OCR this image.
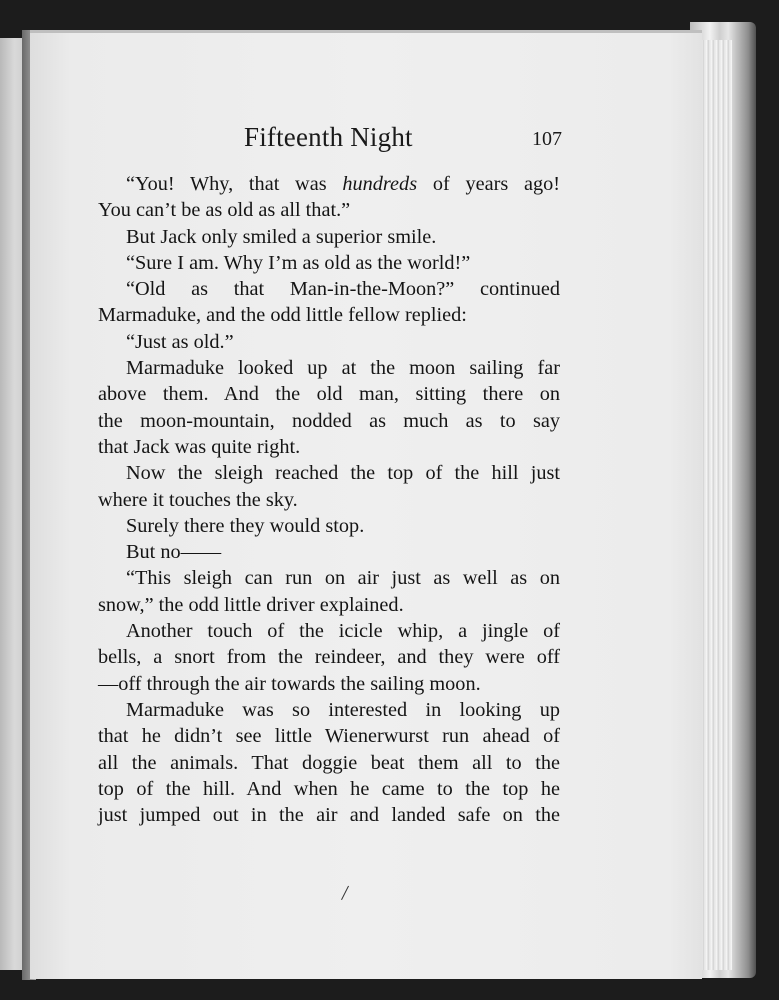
Fifteenth Night	107
“You! Why, that was hundreds of years ago!
You can’t be as old as all that.”
But Jack only smiled a superior smile.
“Sure I am. Why I’m as old as the world!”
“Old as that Man-in-the-Moon?” continued
Marmaduke, and the odd little fellow replied:
“Just as old.”
Marmaduke looked up at the moon sailing far
above them. And the old man, sitting there on
the moon-mountain, nodded as much as to say
that Jack was quite right.
Now the sleigh reached the top of the hill just
where it touches the sky.
Surely there they would stop.
But no——
“This sleigh can run on air just as well as on
snow,” the odd little driver explained.
Another touch of the icicle whip, a jingle of
bells, a snort from the reindeer, and they were off
—off through the air towards the sailing moon.
Marmaduke was so interested in looking up
that he didn’t see little Wienerwurst run ahead of
all the animals. That doggie beat them all to the
top of the hill. And when he came to the top he
just jumped out in the air and landed safe on the
/
